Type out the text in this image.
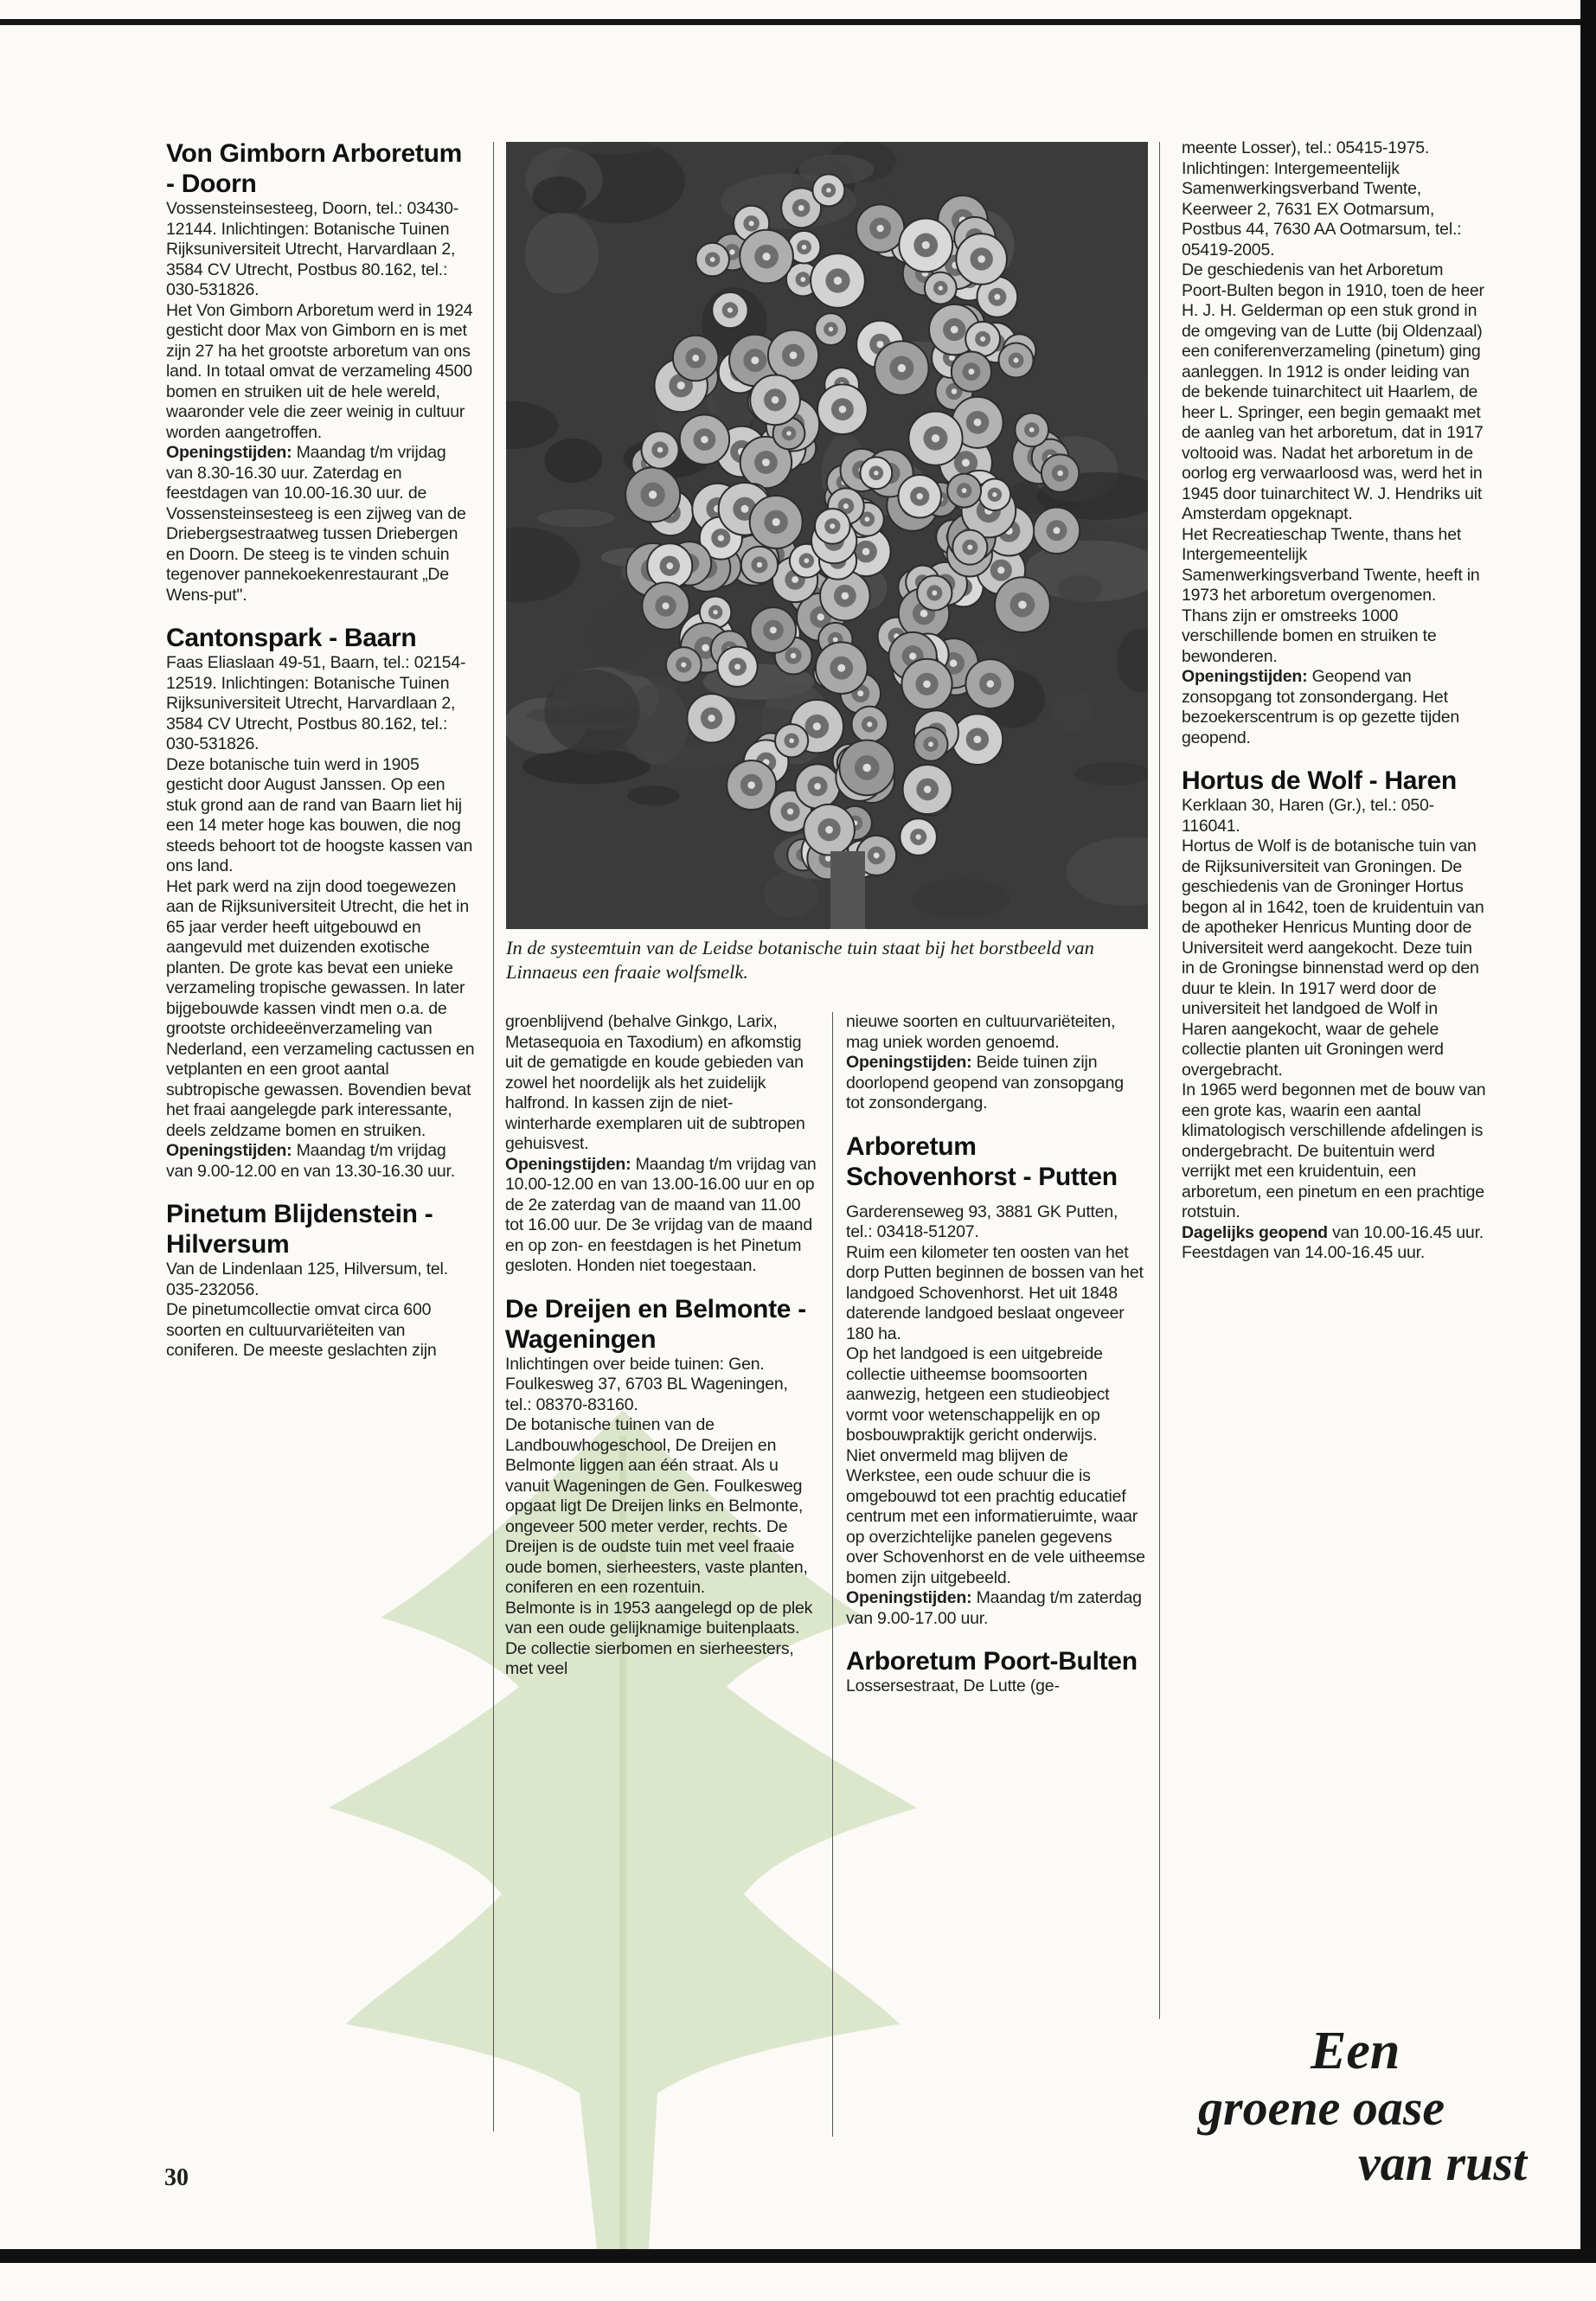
Von Gimborn Arboretum - Doorn

Vossensteinsesteeg, Doorn, tel.: 03430-12144. Inlichtingen: Botanische Tuinen Rijksuniversiteit Utrecht, Harvardlaan 2, 3584 CV Utrecht, Postbus 80.162, tel.: 030-531826.

Het Von Gimborn Arboretum werd in 1924 gesticht door Max von Gimborn en is met zijn 27 ha het grootste arboretum van ons land. In totaal omvat de verzameling 4500 bomen en struiken uit de hele wereld, waaronder vele die zeer weinig in cultuur worden aangetroffen.

Openingstijden: Maandag t/m vrijdag van 8.30-16.30 uur. Zaterdag en feestdagen van 10.00-16.30 uur. de Vossensteinsesteeg is een zijweg van de Driebergsestraatweg tussen Driebergen en Doorn. De steeg is te vinden schuin tegenover pannekoekenrestaurant „De Wens-put".

Cantonspark - Baarn

Faas Eliaslaan 49-51, Baarn, tel.: 02154-12519. Inlichtingen: Botanische Tuinen Rijksuniversiteit Utrecht, Harvardlaan 2, 3584 CV Utrecht, Postbus 80.162, tel.: 030-531826.

Deze botanische tuin werd in 1905 gesticht door August Janssen. Op een stuk grond aan de rand van Baarn liet hij een 14 meter hoge kas bouwen, die nog steeds behoort tot de hoogste kassen van ons land.

Het park werd na zijn dood toegewezen aan de Rijksuniversiteit Utrecht, die het in 65 jaar verder heeft uitgebouwd en aangevuld met duizenden exotische planten. De grote kas bevat een unieke verzameling tropische gewassen. In later bijgebouwde kassen vindt men o.a. de grootste orchideeënverzameling van Nederland, een verzameling cactussen en vetplanten en een groot aantal subtropische gewassen. Bovendien bevat het fraai aangelegde park interessante, deels zeldzame bomen en struiken.

Openingstijden: Maandag t/m vrijdag van 9.00-12.00 en van 13.30-16.30 uur.

Pinetum Blijdenstein - Hilversum

Van de Lindenlaan 125, Hilversum, tel. 035-232056.

De pinetumcollectie omvat circa 600 soorten en cultuurvariëteiten van coniferen. De meeste geslachten zijn

In de systeemtuin van de Leidse botanische tuin staat bij het borstbeeld van Linnaeus een fraaie wolfsmelk.

groenblijvend (behalve Ginkgo, Larix, Metasequoia en Taxodium) en afkomstig uit de gematigde en koude gebieden van zowel het noordelijk als het zuidelijk halfrond. In kassen zijn de niet-winterharde exemplaren uit de subtropen gehuisvest.

Openingstijden: Maandag t/m vrijdag van 10.00-12.00 en van 13.00-16.00 uur en op de 2e zaterdag van de maand van 11.00 tot 16.00 uur. De 3e vrijdag van de maand en op zon- en feestdagen is het Pinetum gesloten. Honden niet toegestaan.

De Dreijen en Belmonte - Wageningen

Inlichtingen over beide tuinen: Gen. Foulkesweg 37, 6703 BL Wageningen, tel.: 08370-83160.

De botanische tuinen van de Landbouwhogeschool, De Dreijen en Belmonte liggen aan één straat. Als u vanuit Wageningen de Gen. Foulkesweg opgaat ligt De Dreijen links en Belmonte, ongeveer 500 meter verder, rechts. De Dreijen is de oudste tuin met veel fraaie oude bomen, sierheesters, vaste planten, coniferen en een rozentuin.

Belmonte is in 1953 aangelegd op de plek van een oude gelijknamige buitenplaats. De collectie sierbomen en sierheesters, met veel

nieuwe soorten en cultuurvariëteiten, mag uniek worden genoemd.

Openingstijden: Beide tuinen zijn doorlopend geopend van zonsopgang tot zonsondergang.

Arboretum Schovenhorst - Putten

Garderenseweg 93, 3881 GK Putten, tel.: 03418-51207.

Ruim een kilometer ten oosten van het dorp Putten beginnen de bossen van het landgoed Schovenhorst. Het uit 1848 daterende landgoed beslaat ongeveer 180 ha.

Op het landgoed is een uitgebreide collectie uitheemse boomsoorten aanwezig, hetgeen een studieobject vormt voor wetenschappelijk en op bosbouwpraktijk gericht onderwijs.

Niet onvermeld mag blijven de Werkstee, een oude schuur die is omgebouwd tot een prachtig educatief centrum met een informatieruimte, waar op overzichtelijke panelen gegevens over Schovenhorst en de vele uitheemse bomen zijn uitgebeeld.

Openingstijden: Maandag t/m zaterdag van 9.00-17.00 uur.

Arboretum Poort-Bulten

Lossersestraat, De Lutte (ge-

meente Losser), tel.: 05415-1975. Inlichtingen: Intergemeentelijk Samenwerkingsverband Twente, Keerweer 2, 7631 EX Ootmarsum, Postbus 44, 7630 AA Ootmarsum, tel.: 05419-2005.

De geschiedenis van het Arboretum Poort-Bulten begon in 1910, toen de heer H. J. H. Gelderman op een stuk grond in de omgeving van de Lutte (bij Oldenzaal) een coniferenverzameling (pinetum) ging aanleggen. In 1912 is onder leiding van de bekende tuinarchitect uit Haarlem, de heer L. Springer, een begin gemaakt met de aanleg van het arboretum, dat in 1917 voltooid was. Nadat het arboretum in de oorlog erg verwaarloosd was, werd het in 1945 door tuinarchitect W. J. Hendriks uit Amsterdam opgeknapt.

Het Recreatieschap Twente, thans het Intergemeentelijk Samenwerkingsverband Twente, heeft in 1973 het arboretum overgenomen.

Thans zijn er omstreeks 1000 verschillende bomen en struiken te bewonderen.

Openingstijden: Geopend van zonsopgang tot zonsondergang. Het bezoekerscentrum is op gezette tijden geopend.

Hortus de Wolf - Haren

Kerklaan 30, Haren (Gr.), tel.: 050-116041.

Hortus de Wolf is de botanische tuin van de Rijksuniversiteit van Groningen. De geschiedenis van de Groninger Hortus begon al in 1642, toen de kruidentuin van de apotheker Henricus Munting door de Universiteit werd aangekocht. Deze tuin in de Groningse binnenstad werd op den duur te klein. In 1917 werd door de universiteit het landgoed de Wolf in Haren aangekocht, waar de gehele collectie planten uit Groningen werd overgebracht.

In 1965 werd begonnen met de bouw van een grote kas, waarin een aantal klimatologisch verschillende afdelingen is ondergebracht. De buitentuin werd verrijkt met een kruidentuin, een arboretum, een pinetum en een prachtige rotstuin.

Dagelijks geopend van 10.00-16.45 uur. Feestdagen van 14.00-16.45 uur.

Een
groene oase
van rust
30
